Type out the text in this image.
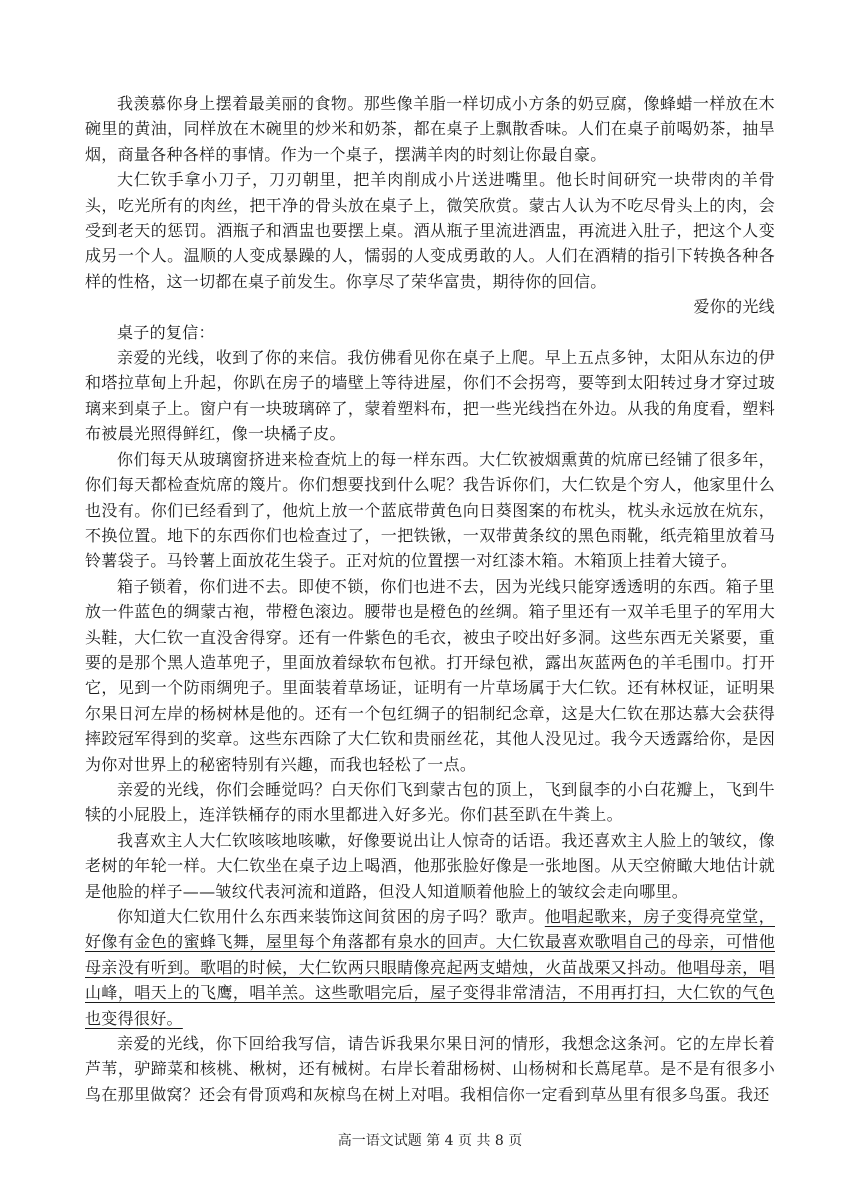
我羡慕你身上摆着最美丽的食物。那些像羊脂一样切成小方条的奶豆腐，像蜂蜡一样放在木碗里的黄油，同样放在木碗里的炒米和奶茶，都在桌子上飘散香味。人们在桌子前喝奶茶，抽旱烟，商量各种各样的事情。作为一个桌子，摆满羊肉的时刻让你最自豪。

大仁钦手拿小刀子，刀刃朝里，把羊肉削成小片送进嘴里。他长时间研究一块带肉的羊骨头，吃光所有的肉丝，把干净的骨头放在桌子上，微笑欣赏。蒙古人认为不吃尽骨头上的肉，会受到老天的惩罚。酒瓶子和酒盅也要摆上桌。酒从瓶子里流进酒盅，再流进入肚子，把这个人变成另一个人。温顺的人变成暴躁的人，懦弱的人变成勇敢的人。人们在酒精的指引下转换各种各样的性格，这一切都在桌子前发生。你享尽了荣华富贵，期待你的回信。

爱你的光线

桌子的复信：

亲爱的光线，收到了你的来信。我仿佛看见你在桌子上爬。早上五点多钟，太阳从东边的伊和塔拉草甸上升起，你趴在房子的墙壁上等待进屋，你们不会拐弯，要等到太阳转过身才穿过玻璃来到桌子上。窗户有一块玻璃碎了，蒙着塑料布，把一些光线挡在外边。从我的角度看，塑料布被晨光照得鲜红，像一块橘子皮。

你们每天从玻璃窗挤进来检查炕上的每一样东西。大仁钦被烟熏黄的炕席已经铺了很多年，你们每天都检查炕席的篾片。你们想要找到什么呢？我告诉你们，大仁钦是个穷人，他家里什么也没有。你们已经看到了，他炕上放一个蓝底带黄色向日葵图案的布枕头，枕头永远放在炕东，不换位置。地下的东西你们也检查过了，一把铁锹，一双带黄条纹的黑色雨靴，纸壳箱里放着马铃薯袋子。马铃薯上面放花生袋子。正对炕的位置摆一对红漆木箱。木箱顶上挂着大镜子。

箱子锁着，你们进不去。即使不锁，你们也进不去，因为光线只能穿透透明的东西。箱子里放一件蓝色的绸蒙古袍，带橙色滚边。腰带也是橙色的丝绸。箱子里还有一双羊毛里子的军用大头鞋，大仁钦一直没舍得穿。还有一件紫色的毛衣，被虫子咬出好多洞。这些东西无关紧要，重要的是那个黑人造革兜子，里面放着绿软布包袱。打开绿包袱，露出灰蓝两色的羊毛围巾。打开它，见到一个防雨绸兜子。里面装着草场证，证明有一片草场属于大仁钦。还有林权证，证明果尔果日河左岸的杨树林是他的。还有一个包红绸子的铝制纪念章，这是大仁钦在那达慕大会获得摔跤冠军得到的奖章。这些东西除了大仁钦和贵丽丝花，其他人没见过。我今天透露给你，是因为你对世界上的秘密特别有兴趣，而我也轻松了一点。

亲爱的光线，你们会睡觉吗？白天你们飞到蒙古包的顶上，飞到鼠李的小白花瓣上，飞到牛犊的小屁股上，连洋铁桶存的雨水里都进入好多光。你们甚至趴在牛粪上。

我喜欢主人大仁钦咳咳地咳嗽，好像要说出让人惊奇的话语。我还喜欢主人脸上的皱纹，像老树的年轮一样。大仁钦坐在桌子边上喝酒，他那张脸好像是一张地图。从天空俯瞰大地估计就是他脸的样子——皱纹代表河流和道路，但没人知道顺着他脸上的皱纹会走向哪里。

你知道大仁钦用什么东西来装饰这间贫困的房子吗？歌声。他唱起歌来，房子变得亮堂堂，好像有金色的蜜蜂飞舞，屋里每个角落都有泉水的回声。大仁钦最喜欢歌唱自己的母亲，可惜他母亲没有听到。歌唱的时候，大仁钦两只眼睛像亮起两支蜡烛，火苗战栗又抖动。他唱母亲，唱山峰，唱天上的飞鹰，唱羊羔。这些歌唱完后，屋子变得非常清洁，不用再打扫，大仁钦的气色也变得很好。

亲爱的光线，你下回给我写信，请告诉我果尔果日河的情形，我想念这条河。它的左岸长着芦苇，驴蹄菜和核桃、楸树，还有械树。右岸长着甜杨树、山杨树和长蔦尾草。是不是有很多小鸟在那里做窝？还会有骨顶鸡和灰椋鸟在树上对唱。我相信你一定看到草丛里有很多鸟蛋。我还

高一语文试题 第 4 页 共 8 页
